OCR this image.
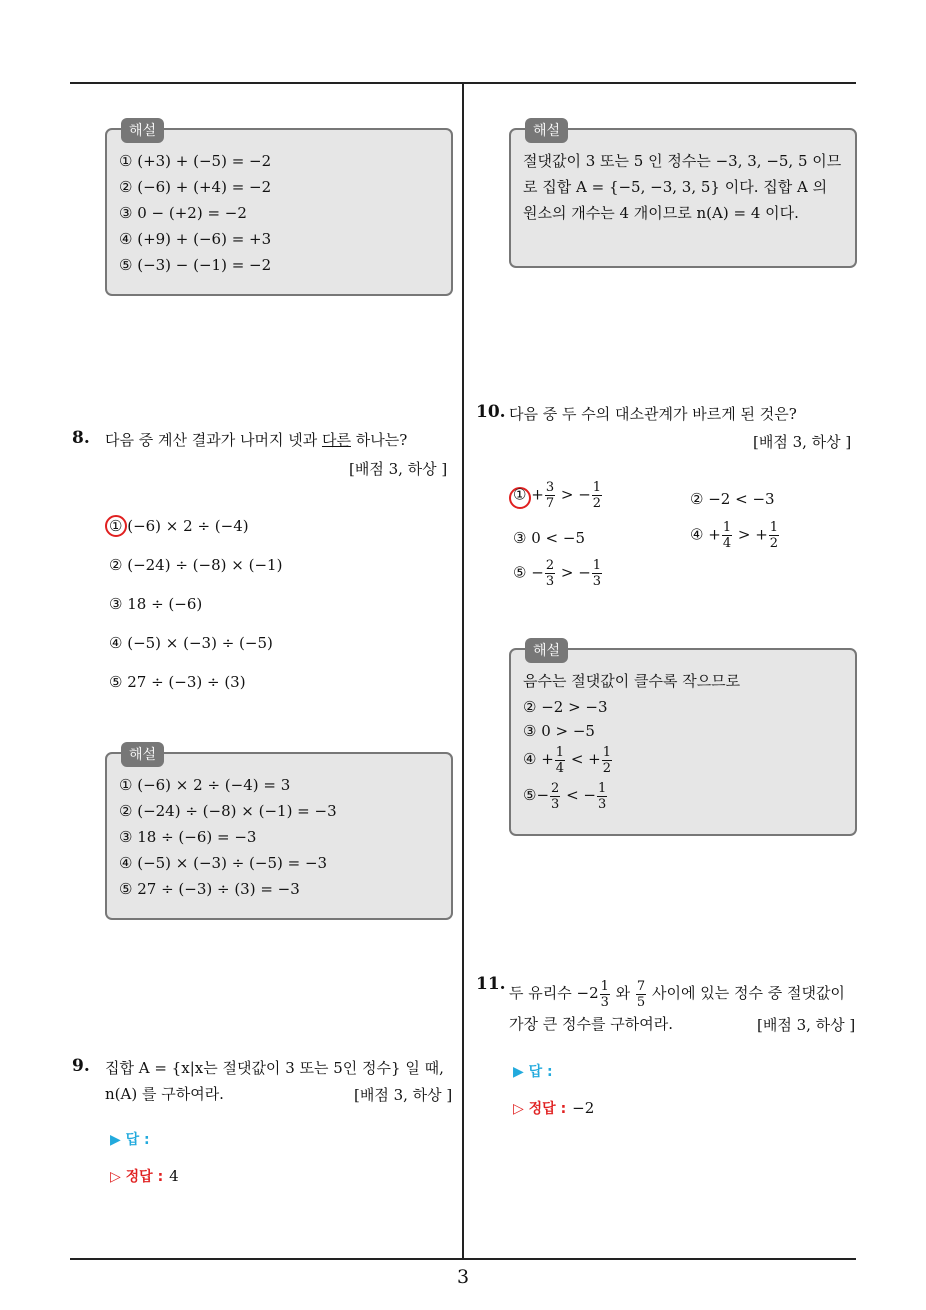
해설
① (+3) + (−5) = −2
② (−6) + (+4) = −2
③ 0 − (+2) = −2
④ (+9) + (−6) = +3
⑤ (−3) − (−1) = −2
해설
절댓값이 3 또는 5 인 정수는 −3, 3, −5, 5 이므로 집합 A = {−5, −3, 3, 5} 이다. 집합 A 의 원소의 개수는 4 개이므로 n(A) = 4 이다.
8. 다음 중 계산 결과가 나머지 넷과 다른 하나는?
[배점 3, 하상 ]
① (−6) × 2 ÷ (−4)
② (−24) ÷ (−8) × (−1)
③ 18 ÷ (−6)
④ (−5) × (−3) ÷ (−5)
⑤ 27 ÷ (−3) ÷ (3)
해설
① (−6) × 2 ÷ (−4) = 3
② (−24) ÷ (−8) × (−1) = −3
③ 18 ÷ (−6) = −3
④ (−5) × (−3) ÷ (−5) = −3
⑤ 27 ÷ (−3) ÷ (3) = −3
9. 집합 A = {x|x는 절댓값이 3 또는 5인 정수} 일 때,
n(A) 를 구하여라.	[배점 3, 하상 ]
▶ 답 :
▷ 정답 : 4
10. 다음 중 두 수의 대소관계가 바르게 된 것은?
[배점 3, 하상 ]
① + $\frac{3}{7}$ > − $\frac{1}{2}$	② −2 < −3
③ 0 < −5	④ + $\frac{1}{4}$ > + $\frac{1}{2}$
⑤ − $\frac{2}{3}$ > − $\frac{1}{3}$
해설
음수는 절댓값이 클수록 작으므로
② −2 > −3
③ 0 > −5
④ + $\frac{1}{4}$ < + $\frac{1}{2}$
⑤− $\frac{2}{3}$ < − $\frac{1}{3}$
11. 두 유리수 $-2 \frac{1}{3}$ 와 $\frac{7}{5}$ 사이에 있는 정수 중 절댓값이
가장 큰 정수를 구하여라.	[배점 3, 하상 ]
▶ 답 :
▷ 정답 : −2
3
